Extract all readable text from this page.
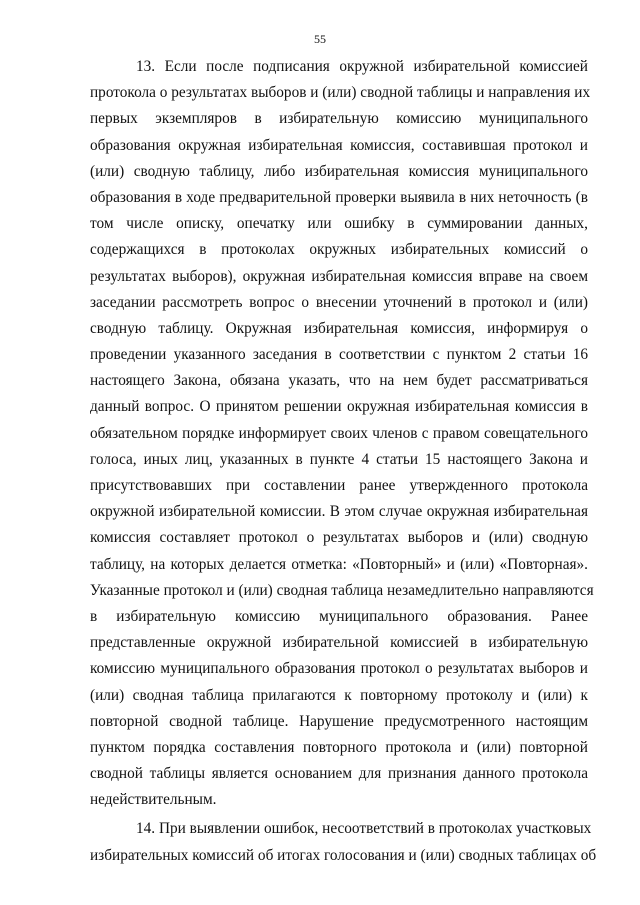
55

13. Если после подписания окружной избирательной комиссией
протокола о результатах выборов и (или) сводной таблицы и направления их
первых экземпляров в избирательную комиссию муниципального
образования окружная избирательная комиссия, составившая протокол и
(или) сводную таблицу, либо избирательная комиссия муниципального
образования в ходе предварительной проверки выявила в них неточность (в
том числе описку, опечатку или ошибку в суммировании данных,
содержащихся в протоколах окружных избирательных комиссий о
результатах выборов), окружная избирательная комиссия вправе на своем
заседании рассмотреть вопрос о внесении уточнений в протокол и (или)
сводную таблицу. Окружная избирательная комиссия, информируя о
проведении указанного заседания в соответствии с пунктом 2 статьи 16
настоящего Закона, обязана указать, что на нем будет рассматриваться
данный вопрос. О принятом решении окружная избирательная комиссия в
обязательном порядке информирует своих членов с правом совещательного
голоса, иных лиц, указанных в пункте 4 статьи 15 настоящего Закона и
присутствовавших при составлении ранее утвержденного протокола
окружной избирательной комиссии. В этом случае окружная избирательная
комиссия составляет протокол о результатах выборов и (или) сводную
таблицу, на которых делается отметка: «Повторный» и (или) «Повторная».
Указанные протокол и (или) сводная таблица незамедлительно направляются
в избирательную комиссию муниципального образования. Ранее
представленные окружной избирательной комиссией в избирательную
комиссию муниципального образования протокол о результатах выборов и
(или) сводная таблица прилагаются к повторному протоколу и (или) к
повторной сводной таблице. Нарушение предусмотренного настоящим
пунктом порядка составления повторного протокола и (или) повторной
сводной таблицы является основанием для признания данного протокола
недействительным.

14. При выявлении ошибок, несоответствий в протоколах участковых
избирательных комиссий об итогах голосования и (или) сводных таблицах об
